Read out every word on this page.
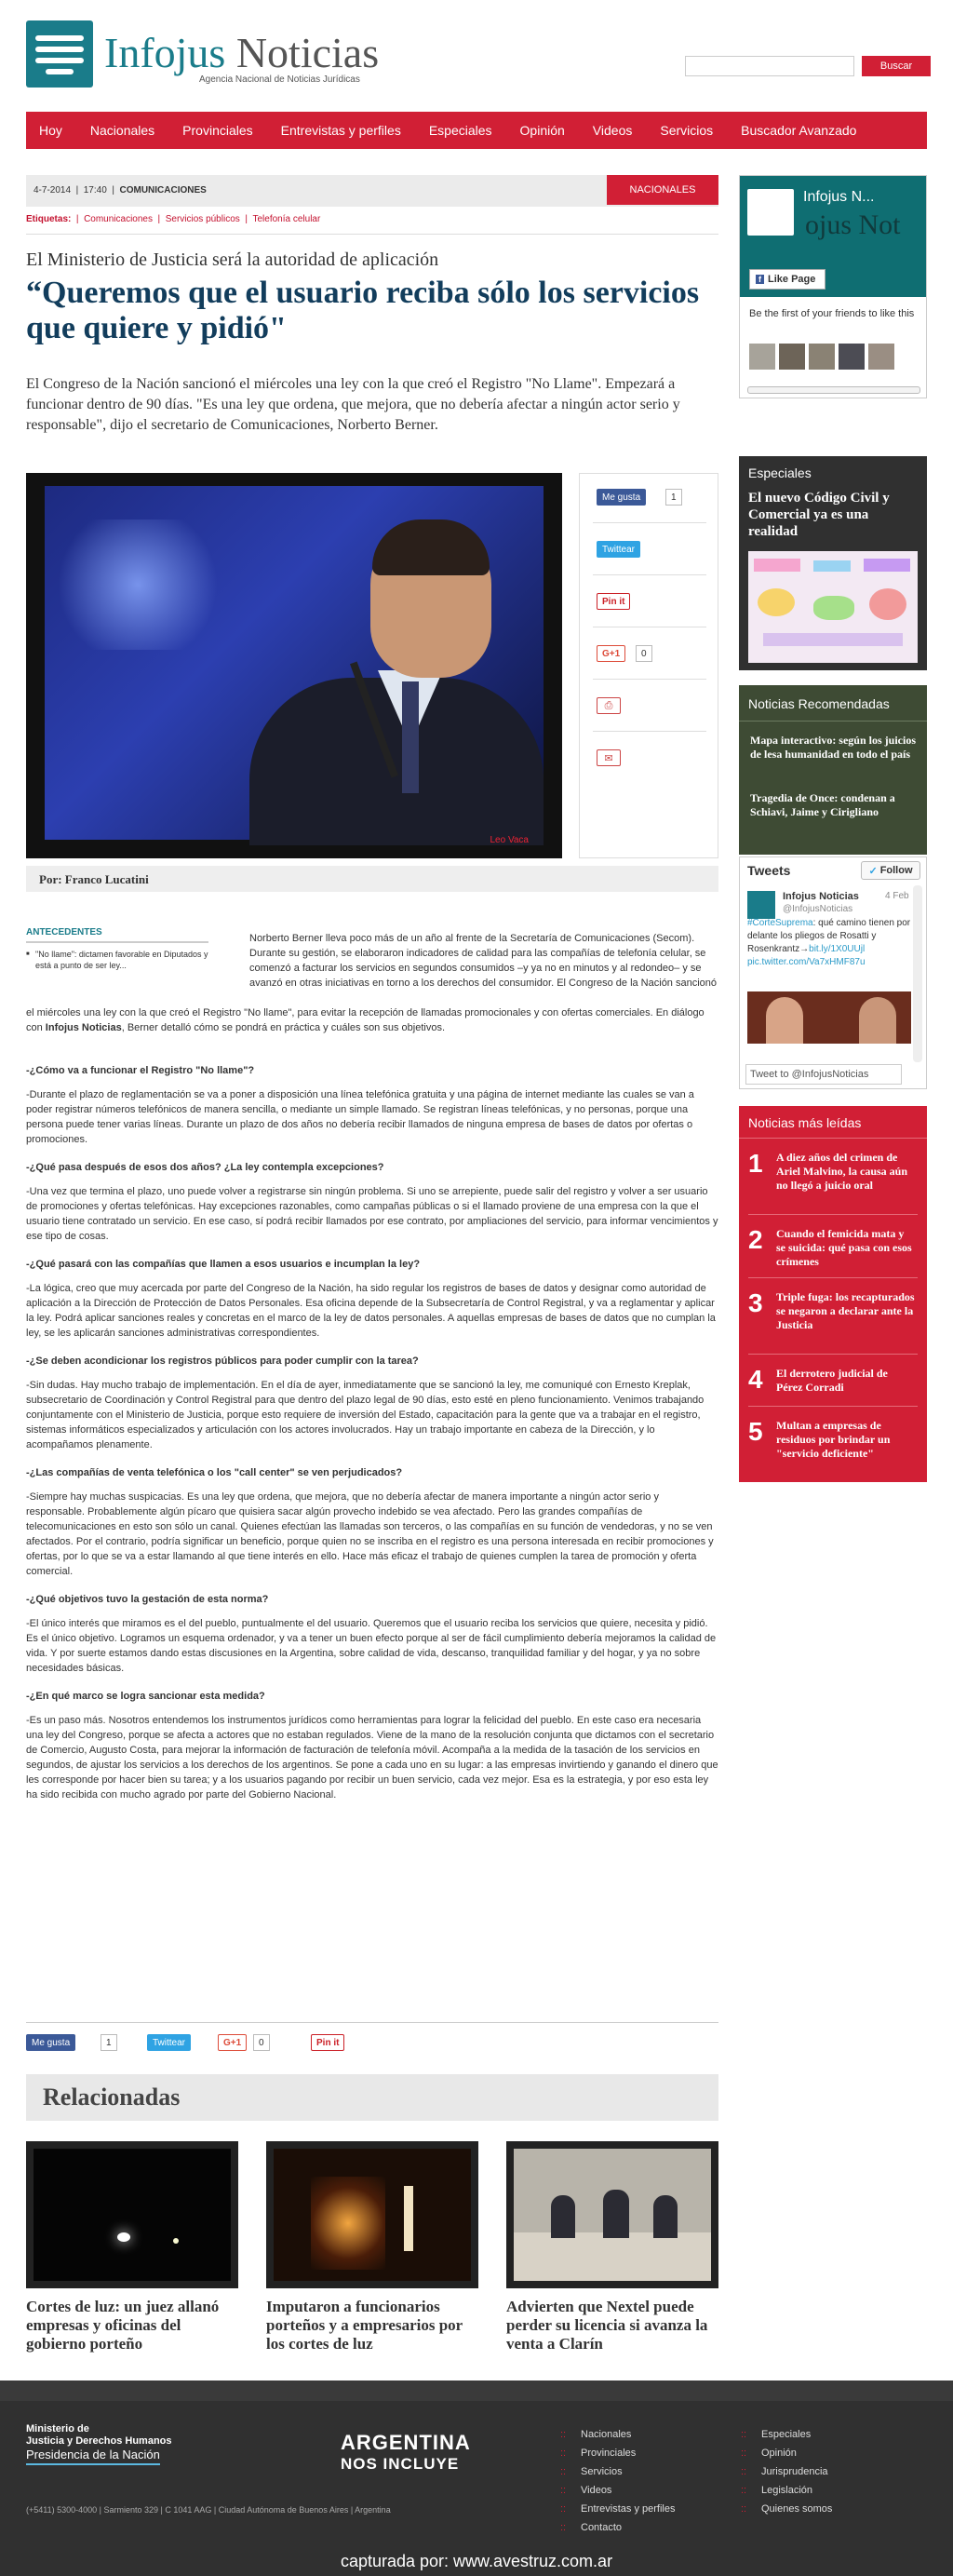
Infojus Noticias
Agencia Nacional de Noticias Jurídicas
Buscar
Hoy Nacionales Provinciales Entrevistas y perfiles Especiales Opinión Videos Servicios Buscador Avanzado
4-7-2014  |  17:40  |  COMUNICACIONES	NACIONALES
Etiquetas:  |  Comunicaciones  |  Servicios públicos  |  Telefonía celular
El Ministerio de Justicia será la autoridad de aplicación
“Queremos que el usuario reciba sólo los servicios que quiere y pidió"

El Congreso de la Nación sancionó el miércoles una ley con la que creó el Registro "No Llame". Empezará a funcionar dentro de 90 días. "Es una ley que ordena, que mejora, que no debería afectar a ningún actor serio y responsable", dijo el secretario de Comunicaciones, Norberto Berner.

Leo Vaca
Me gusta	1
Twittear
Pin it
G+1	0
⎙
✉
Por: Franco Lucatini
ANTECEDENTES
■ "No llame": dictamen favorable en Diputados y está a punto de ser ley...

Norberto Berner lleva poco más de un año al frente de la Secretaría de Comunicaciones (Secom). Durante su gestión, se elaboraron indicadores de calidad para las compañías de telefonía celular, se comenzó a facturar los servicios en segundos consumidos –y ya no en minutos y al redondeo– y se avanzó en otras iniciativas en torno a los derechos del consumidor. El Congreso de la Nación sancionó

el miércoles una ley con la que creó el Registro "No llame", para evitar la recepción de llamadas promocionales y con ofertas comerciales. En diálogo con Infojus Noticias, Berner detalló cómo se pondrá en práctica y cuáles son sus objetivos.

-¿Cómo va a funcionar el Registro "No llame"?

-Durante el plazo de reglamentación se va a poner a disposición una línea telefónica gratuita y una página de internet mediante las cuales se van a poder registrar números telefónicos de manera sencilla, o mediante un simple llamado. Se registran líneas telefónicas, y no personas, porque una persona puede tener varias líneas. Durante un plazo de dos años no debería recibir llamados de ninguna empresa de bases de datos por ofertas o promociones.

-¿Qué pasa después de esos dos años? ¿La ley contempla excepciones?

-Una vez que termina el plazo, uno puede volver a registrarse sin ningún problema. Si uno se arrepiente, puede salir del registro y volver a ser usuario de promociones y ofertas telefónicas. Hay excepciones razonables, como campañas públicas o si el llamado proviene de una empresa con la que el usuario tiene contratado un servicio. En ese caso, sí podrá recibir llamados por ese contrato, por ampliaciones del servicio, para informar vencimientos y ese tipo de cosas.

-¿Qué pasará con las compañías que llamen a esos usuarios e incumplan la ley?

-La lógica, creo que muy acercada por parte del Congreso de la Nación, ha sido regular los registros de bases de datos y designar como autoridad de aplicación a la Dirección de Protección de Datos Personales. Esa oficina depende de la Subsecretaría de Control Registral, y va a reglamentar y aplicar la ley. Podrá aplicar sanciones reales y concretas en el marco de la ley de datos personales. A aquellas empresas de bases de datos que no cumplan la ley, se les aplicarán sanciones administrativas correspondientes.

-¿Se deben acondicionar los registros públicos para poder cumplir con la tarea?

-Sin dudas. Hay mucho trabajo de implementación. En el día de ayer, inmediatamente que se sancionó la ley, me comuniqué con Ernesto Kreplak, subsecretario de Coordinación y Control Registral para que dentro del plazo legal de 90 días, esto esté en pleno funcionamiento. Venimos trabajando conjuntamente con el Ministerio de Justicia, porque esto requiere de inversión del Estado, capacitación para la gente que va a trabajar en el registro, sistemas informáticos especializados y articulación con los actores involucrados. Hay un trabajo importante en cabeza de la Dirección, y lo acompañamos plenamente.

-¿Las compañías de venta telefónica o los "call center" se ven perjudicados?

-Siempre hay muchas suspicacias. Es una ley que ordena, que mejora, que no debería afectar de manera importante a ningún actor serio y responsable. Probablemente algún pícaro que quisiera sacar algún provecho indebido se vea afectado. Pero las grandes compañías de telecomunicaciones en esto son sólo un canal. Quienes efectúan las llamadas son terceros, o las compañías en su función de vendedoras, y no se ven afectados. Por el contrario, podría significar un beneficio, porque quien no se inscriba en el registro es una persona interesada en recibir promociones y ofertas, por lo que se va a estar llamando al que tiene interés en ello. Hace más eficaz el trabajo de quienes cumplen la tarea de promoción y oferta comercial.

-¿Qué objetivos tuvo la gestación de esta norma?

-El único interés que miramos es el del pueblo, puntualmente el del usuario. Queremos que el usuario reciba los servicios que quiere, necesita y pidió. Es el único objetivo. Logramos un esquema ordenador, y va a tener un buen efecto porque al ser de fácil cumplimiento debería mejoramos la calidad de vida. Y por suerte estamos dando estas discusiones en la Argentina, sobre calidad de vida, descanso, tranquilidad familiar y del hogar, y ya no sobre necesidades básicas.

-¿En qué marco se logra sancionar esta medida?

-Es un paso más. Nosotros entendemos los instrumentos jurídicos como herramientas para lograr la felicidad del pueblo. En este caso era necesaria una ley del Congreso, porque se afecta a actores que no estaban regulados. Viene de la mano de la resolución conjunta que dictamos con el secretario de Comercio, Augusto Costa, para mejorar la información de facturación de telefonía móvil. Acompaña a la medida de la tasación de los servicios en segundos, de ajustar los servicios a los derechos de los argentinos. Se pone a cada uno en su lugar: a las empresas invirtiendo y ganando el dinero que les corresponde por hacer bien su tarea; y a los usuarios pagando por recibir un buen servicio, cada vez mejor. Esa es la estrategia, y por eso esta ley ha sido recibida con mucho agrado por parte del Gobierno Nacional.

Me gusta	1	Twittear	G+1	0	Pin it
Relacionadas
Cortes de luz: un juez allanó empresas y oficinas del gobierno porteño
Imputaron a funcionarios porteños y a empresarios por los cortes de luz
Advierten que Nextel puede perder su licencia si avanza la venta a Clarín
Infojus N...
ojus Not
f Like Page
Be the first of your friends to like this
Especiales
El nuevo Código Civil y Comercial ya es una realidad
Noticias Recomendadas
Mapa interactivo: según los juicios de lesa humanidad en todo el país
Tragedia de Once: condenan a Schiavi, Jaime y Cirigliano
Tweets	✓ Follow
Infojus Noticias
@InfojusNoticias
4 Feb
#CorteSuprema: qué camino tienen por delante los pliegos de Rosatti y Rosenkrantz→bit.ly/1X0UUjl
pic.twitter.com/Va7xHMF87u
Tweet to @InfojusNoticias
Noticias más leídas
1 A diez años del crimen de Ariel Malvino, la causa aún no llegó a juicio oral
2 Cuando el femicida mata y se suicida: qué pasa con esos crímenes
3 Triple fuga: los recapturados se negaron a declarar ante la Justicia
4 El derrotero judicial de Pérez Corradi
5 Multan a empresas de residuos por brindar un "servicio deficiente"
Ministerio de
Justicia y Derechos Humanos
Presidencia de la Nación
ARGENTINA
NOS INCLUYE
(+5411) 5300-4000 | Sarmiento 329 | C 1041 AAG | Ciudad Autónoma de Buenos Aires | Argentina
:: Nacionales
:: Provinciales
:: Servicios
:: Videos
:: Entrevistas y perfiles
:: Contacto
:: Especiales
:: Opinión
:: Jurisprudencia
:: Legislación
:: Quienes somos
capturada por: www.avestruz.com.ar
